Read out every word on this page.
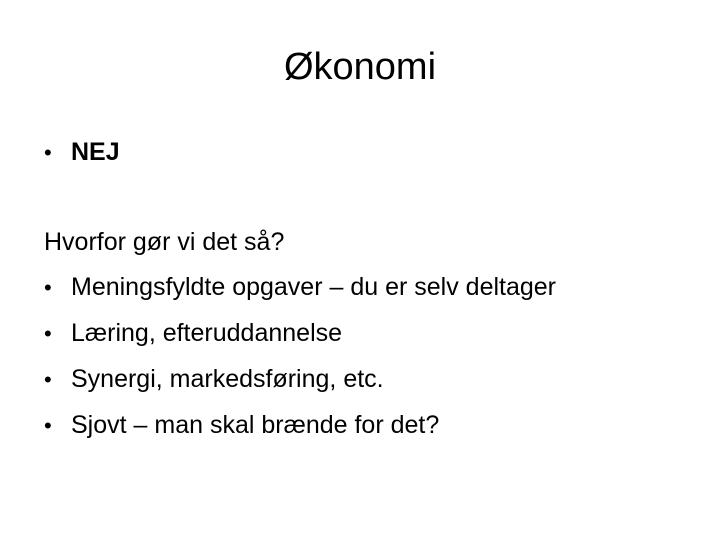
Økonomi
• NEJ
Hvorfor gør vi det så?
• Meningsfyldte opgaver – du er selv deltager
• Læring, efteruddannelse
• Synergi, markedsføring, etc.
• Sjovt – man skal brænde for det?
